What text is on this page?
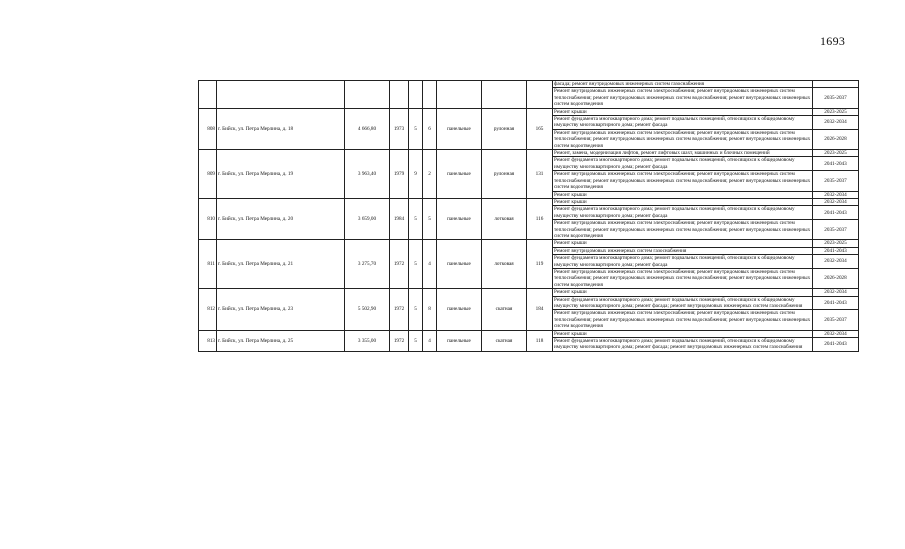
1693
									фасада; ремонт внутридомовых инженерных систем газоснабжения	
									Ремонт внутридомовых инженерных систем электроснабжения; ремонт внутридомовых инженерных систем теплоснабжения; ремонт внутридомовых инженерных систем водоснабжения; ремонт внутридомовых инженерных систем водоотведения	2035-2037
808	г. Бийск, ул. Петра Мерлина, д. 18	4 666,80	1973	5	6	панельные	рулонная	165	Ремонт крыши	2023-2025
									Ремонт фундамента многоквартирного дома; ремонт подвальных помещений, относящихся к общедомовому имуществу многоквартирного дома; ремонт фасада	2032-2034
									Ремонт внутридомовых инженерных систем электроснабжения; ремонт внутридомовых инженерных систем теплоснабжения; ремонт внутридомовых инженерных систем водоснабжения; ремонт внутридомовых инженерных систем водоотведения	2026-2028
809	г. Бийск, ул. Петра Мерлина, д. 19	3 963,40	1979	9	2	панельные	рулонная	131	Ремонт, замена, модернизация лифтов, ремонт лифтовых шахт, машинных и блочных помещений	2023-2025
									Ремонт фундамента многоквартирного дома; ремонт подвальных помещений, относящихся к общедомовому имуществу многоквартирного дома; ремонт фасада	2041-2043
									Ремонт внутридомовых инженерных систем электроснабжения; ремонт внутридомовых инженерных систем теплоснабжения; ремонт внутридомовых инженерных систем водоснабжения; ремонт внутридомовых инженерных систем водоотведения	2035-2037
									Ремонт крыши	2032-2034
810	г. Бийск, ул. Петра Мерлина, д. 20	3 659,00	1984	5	5	панельные	лотковая	116	Ремонт крыши	2032-2034
									Ремонт фундамента многоквартирного дома; ремонт подвальных помещений, относящихся к общедомовому имуществу многоквартирного дома; ремонт фасада	2041-2043
									Ремонт внутридомовых инженерных систем электроснабжения; ремонт внутридомовых инженерных систем теплоснабжения; ремонт внутридомовых инженерных систем водоснабжения; ремонт внутридомовых инженерных систем водоотведения	2035-2037
811	г. Бийск, ул. Петра Мерлина, д. 21	3 275,70	1972	5	4	панельные	лотковая	119	Ремонт крыши	2023-2025
									Ремонт внутридомовых инженерных систем газоснабжения	2041-2043
									Ремонт фундамента многоквартирного дома; ремонт подвальных помещений, относящихся к общедомовому имуществу многоквартирного дома; ремонт фасада	2032-2034
									Ремонт внутридомовых инженерных систем электроснабжения; ремонт внутридомовых инженерных систем теплоснабжения; ремонт внутридомовых инженерных систем водоснабжения; ремонт внутридомовых инженерных систем водоотведения	2026-2028
812	г. Бийск, ул. Петра Мерлина, д. 23	5 502,90	1972	5	8	панельные	скатная	184	Ремонт крыши	2032-2034
									Ремонт фундамента многоквартирного дома; ремонт подвальных помещений, относящихся к общедомовому имуществу многоквартирного дома; ремонт фасада; ремонт внутридомовых инженерных систем газоснабжения	2041-2043
									Ремонт внутридомовых инженерных систем электроснабжения; ремонт внутридомовых инженерных систем теплоснабжения; ремонт внутридомовых инженерных систем водоснабжения; ремонт внутридомовых инженерных систем водоотведения	2035-2037
813	г. Бийск, ул. Петра Мерлина, д. 25	3 355,00	1972	5	4	панельные	скатная	118	Ремонт крыши	2032-2034
									Ремонт фундамента многоквартирного дома; ремонт подвальных помещений, относящихся к общедомовому имуществу многоквартирного дома; ремонт фасада; ремонт внутридомовых инженерных систем газоснабжения	2041-2043
